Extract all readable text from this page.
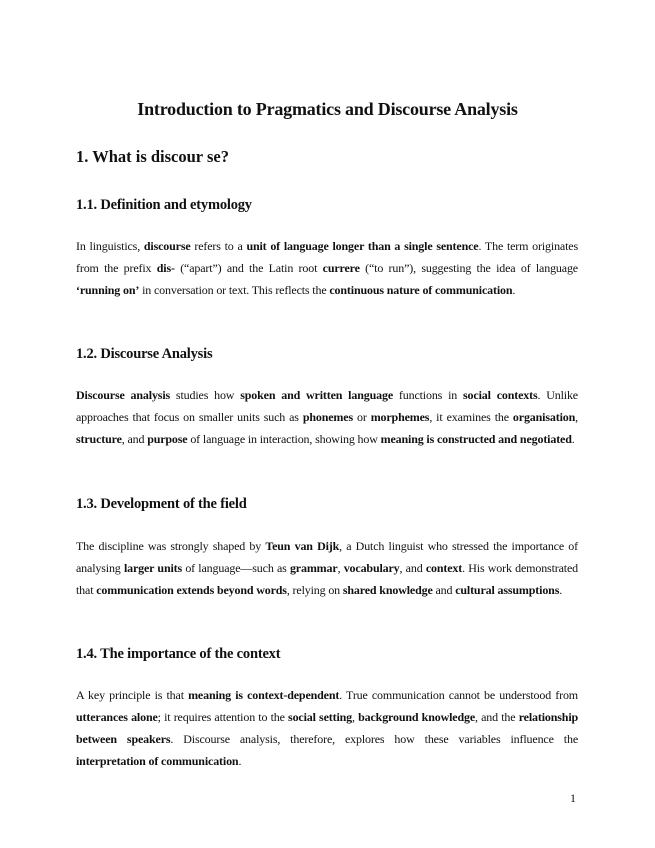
Introduction to Pragmatics and Discourse Analysis
1. What is discour se?
1.1. Definition and etymology

In linguistics, discourse refers to a unit of language longer than a single sentence. The term originates from the prefix dis- (“apart”) and the Latin root currere (“to run”), suggesting the idea of language ‘running on’ in conversation or text. This reflects the continuous nature of communication.

1.2. Discourse Analysis

Discourse analysis studies how spoken and written language functions in social contexts. Unlike approaches that focus on smaller units such as phonemes or morphemes, it examines the organisation, structure, and purpose of language in interaction, showing how meaning is constructed and negotiated.

1.3. Development of the field

The discipline was strongly shaped by Teun van Dijk, a Dutch linguist who stressed the importance of analysing larger units of language—such as grammar, vocabulary, and context. His work demonstrated that communication extends beyond words, relying on shared knowledge and cultural assumptions.

1.4. The importance of the context

A key principle is that meaning is context-dependent. True communication cannot be understood from utterances alone; it requires attention to the social setting, background knowledge, and the relationship between speakers. Discourse analysis, therefore, explores how these variables influence the interpretation of communication.

1
